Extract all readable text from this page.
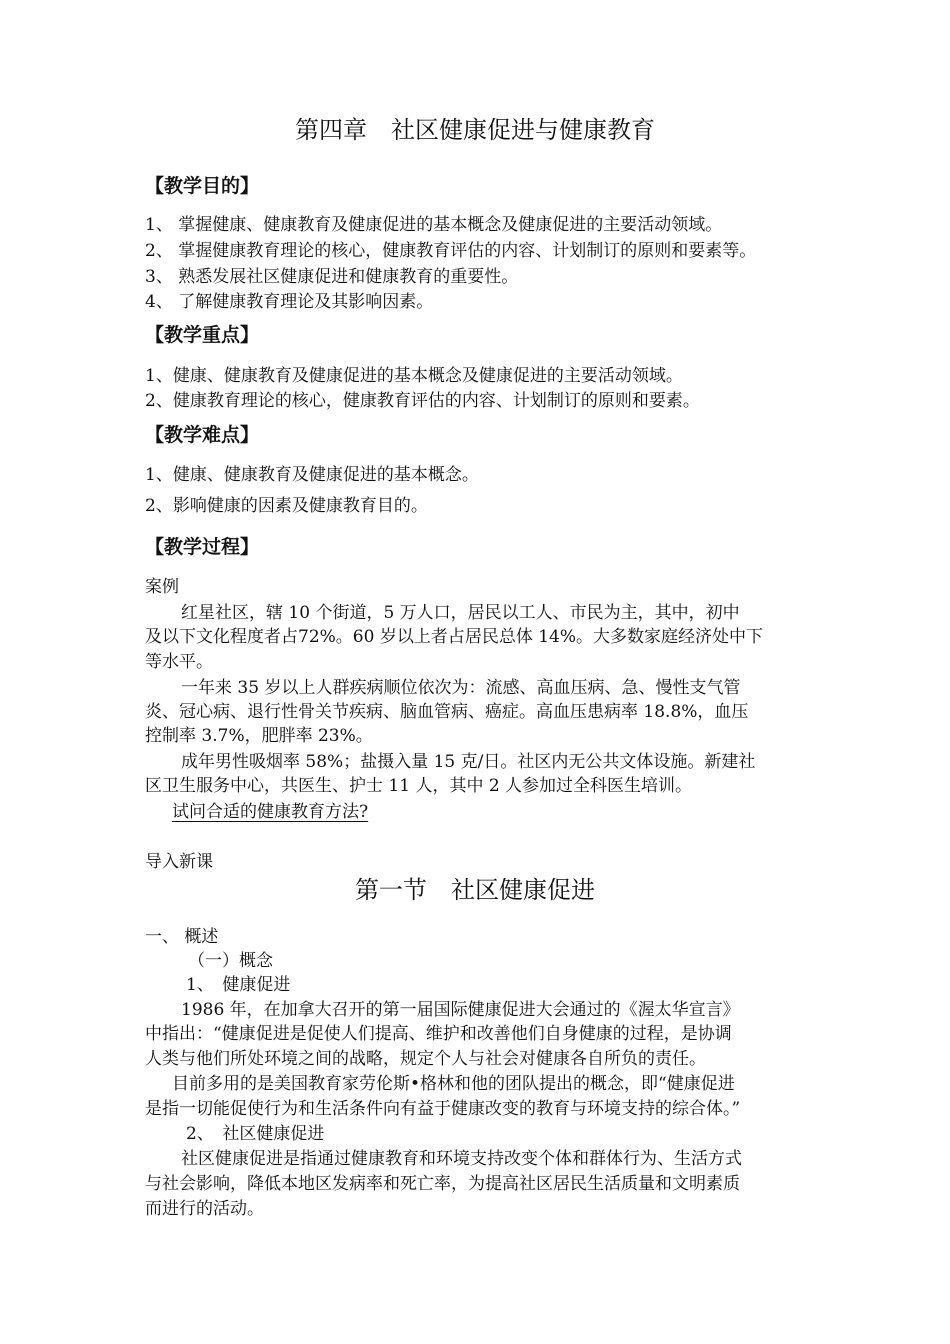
第四章　社区健康促进与健康教育
【教学目的】
1、 掌握健康、健康教育及健康促进的基本概念及健康促进的主要活动领域。
2、 掌握健康教育理论的核心，健康教育评估的内容、计划制订的原则和要素等。
3、 熟悉发展社区健康促进和健康教育的重要性。
4、 了解健康教育理论及其影响因素。
【教学重点】
1、健康、健康教育及健康促进的基本概念及健康促进的主要活动领域。
2、健康教育理论的核心，健康教育评估的内容、计划制订的原则和要素。
【教学难点】
1、健康、健康教育及健康促进的基本概念。
2、影响健康的因素及健康教育目的。
【教学过程】
案例
红星社区，辖 10 个街道，5 万人口，居民以工人、市民为主，其中，初中
及以下文化程度者占72%。60 岁以上者占居民总体 14%。大多数家庭经济处中下
等水平。
一年来 35 岁以上人群疾病顺位依次为：流感、高血压病、急、慢性支气管
炎、冠心病、退行性骨关节疾病、脑血管病、癌症。高血压患病率 18.8%，血压
控制率 3.7%，肥胖率 23%。
成年男性吸烟率 58%；盐摄入量 15 克/日。社区内无公共文体设施。新建社
区卫生服务中心，共医生、护士 11 人，其中 2 人参加过全科医生培训。
试问合适的健康教育方法?
导入新课
第一节　社区健康促进
一、 概述
（一）概念
1、　健康促进
1986 年，在加拿大召开的第一届国际健康促进大会通过的《渥太华宣言》
中指出：“健康促进是促使人们提高、维护和改善他们自身健康的过程，是协调
人类与他们所处环境之间的战略，规定个人与社会对健康各自所负的责任。
目前多用的是美国教育家劳伦斯•格林和他的团队提出的概念，即“健康促进
是指一切能促使行为和生活条件向有益于健康改变的教育与环境支持的综合体。”
2、　社区健康促进
社区健康促进是指通过健康教育和环境支持改变个体和群体行为、生活方式
与社会影响，降低本地区发病率和死亡率，为提高社区居民生活质量和文明素质
而进行的活动。
